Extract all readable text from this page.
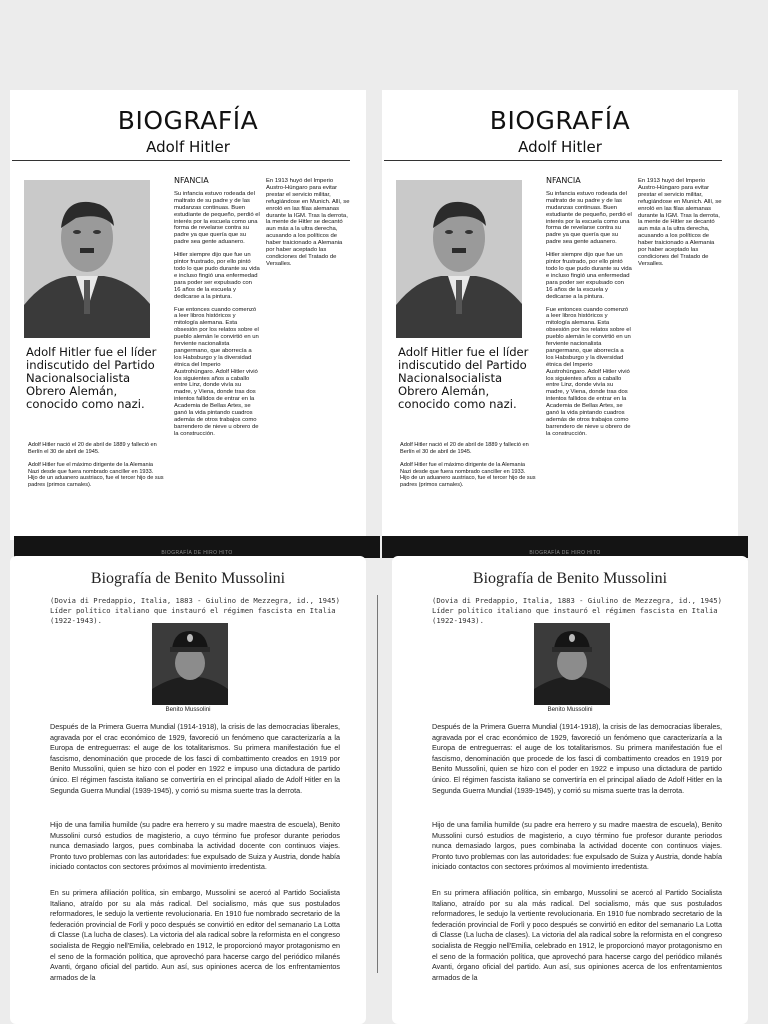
BIOGRAFÍA
Adolf Hitler
Adolf Hitler fue el líder indiscutido del Partido Nacionalsocialista Obrero Alemán, conocido como nazi.
Adolf Hitler nació el 20 de abril de 1889 y falleció en Berlín el 30 de abril de 1945.
Adolf Hitler fue el máximo dirigente de la Alemania Nazi desde que fuera nombrado canciller en 1933. Hijo de un aduanero austriaco, fue el tercer hijo de sus padres (primos carnales).
NFANCIA

Su infancia estuvo rodeada del maltrato de su padre y de las mudanzas continuas. Buen estudiante de pequeño, perdió el interés por la escuela como una forma de revelarse contra su padre ya que quería que su padre sea gente aduanero.

Hitler siempre dijo que fue un pintor frustrado, por ello pintó todo lo que pudo durante su vida e incluso fingió una enfermedad para poder ser expulsado con 16 años de la escuela y dedicarse a la pintura.

Fue entonces cuando comenzó a leer libros históricos y mitología alemana. Esta obsesión por los relatos sobre el pueblo alemán le convirtió en un ferviente nacionalista pangermano, que aborrecía a los Habsburgo y la diversidad étnica del Imperio Austrohúngaro. Adolf Hitler vivió los siguientes años a caballo entre Linz, donde vivía su madre, y Viena, donde tras dos intentos fallidos de entrar en la Academia de Bellas Artes, se ganó la vida pintando cuadros además de otros trabajos como barrendero de nieve u obrero de la construcción.

En 1913 huyó del Imperio Austro-Húngaro para evitar prestar el servicio militar, refugiándose en Munich. Allí, se enroló en las filas alemanas durante la IGM. Tras la derrota, la mente de Hitler se decantó aun más a la ultra derecha, acusando a los políticos de haber traicionado a Alemania por haber aceptado las condiciones del Tratado de Versalles.

BIOGRAFÍA
Adolf Hitler
Adolf Hitler fue el líder indiscutido del Partido Nacionalsocialista Obrero Alemán, conocido como nazi.
Adolf Hitler nació el 20 de abril de 1889 y falleció en Berlín el 30 de abril de 1945.
Adolf Hitler fue el máximo dirigente de la Alemania Nazi desde que fuera nombrado canciller en 1933. Hijo de un aduanero austriaco, fue el tercer hijo de sus padres (primos carnales).
NFANCIA

Su infancia estuvo rodeada del maltrato de su padre y de las mudanzas continuas. Buen estudiante de pequeño, perdió el interés por la escuela como una forma de revelarse contra su padre ya que quería que su padre sea gente aduanero.

Hitler siempre dijo que fue un pintor frustrado, por ello pintó todo lo que pudo durante su vida e incluso fingió una enfermedad para poder ser expulsado con 16 años de la escuela y dedicarse a la pintura.

Fue entonces cuando comenzó a leer libros históricos y mitología alemana. Esta obsesión por los relatos sobre el pueblo alemán le convirtió en un ferviente nacionalista pangermano, que aborrecía a los Habsburgo y la diversidad étnica del Imperio Austrohúngaro. Adolf Hitler vivió los siguientes años a caballo entre Linz, donde vivía su madre, y Viena, donde tras dos intentos fallidos de entrar en la Academia de Bellas Artes, se ganó la vida pintando cuadros además de otros trabajos como barrendero de nieve u obrero de la construcción.

En 1913 huyó del Imperio Austro-Húngaro para evitar prestar el servicio militar, refugiándose en Munich. Allí, se enroló en las filas alemanas durante la IGM. Tras la derrota, la mente de Hitler se decantó aun más a la ultra derecha, acusando a los políticos de haber traicionado a Alemania por haber aceptado las condiciones del Tratado de Versalles.

BIOGRAFÍA DE HIRO HITO	BIOGRAFÍA DE HIRO HITO
Biografía de Benito Mussolini
(Dovia di Predappio, Italia, 1883 - Giulino de Mezzegra, id., 1945) Líder político italiano que instauró el régimen fascista en Italia (1922-1943).
Benito Mussolini

Después de la Primera Guerra Mundial (1914-1918), la crisis de las democracias liberales, agravada por el crac económico de 1929, favoreció un fenómeno que caracterizaría a la Europa de entreguerras: el auge de los totalitarismos. Su primera manifestación fue el fascismo, denominación que procede de los fasci di combattimento creados en 1919 por Benito Mussolini, quien se hizo con el poder en 1922 e impuso una dictadura de partido único. El régimen fascista italiano se convertiría en el principal aliado de Adolf Hitler en la Segunda Guerra Mundial (1939-1945), y corrió su misma suerte tras la derrota.

Hijo de una familia humilde (su padre era herrero y su madre maestra de escuela), Benito Mussolini cursó estudios de magisterio, a cuyo término fue profesor durante periodos nunca demasiado largos, pues combinaba la actividad docente con continuos viajes. Pronto tuvo problemas con las autoridades: fue expulsado de Suiza y Austria, donde había iniciado contactos con sectores próximos al movimiento irredentista.

En su primera afiliación política, sin embargo, Mussolini se acercó al Partido Socialista Italiano, atraído por su ala más radical. Del socialismo, más que sus postulados reformadores, le sedujo la vertiente revolucionaria. En 1910 fue nombrado secretario de la federación provincial de Forlì y poco después se convirtió en editor del semanario La Lotta di Classe (La lucha de clases). La victoria del ala radical sobre la reformista en el congreso socialista de Reggio nell'Emilia, celebrado en 1912, le proporcionó mayor protagonismo en el seno de la formación política, que aprovechó para hacerse cargo del periódico milanés Avanti, órgano oficial del partido. Aun así, sus opiniones acerca de los enfrentamientos armados de la

Biografía de Benito Mussolini
(Dovia di Predappio, Italia, 1883 - Giulino de Mezzegra, id., 1945) Líder político italiano que instauró el régimen fascista en Italia (1922-1943).
Benito Mussolini

Después de la Primera Guerra Mundial (1914-1918), la crisis de las democracias liberales, agravada por el crac económico de 1929, favoreció un fenómeno que caracterizaría a la Europa de entreguerras: el auge de los totalitarismos. Su primera manifestación fue el fascismo, denominación que procede de los fasci di combattimento creados en 1919 por Benito Mussolini, quien se hizo con el poder en 1922 e impuso una dictadura de partido único. El régimen fascista italiano se convertiría en el principal aliado de Adolf Hitler en la Segunda Guerra Mundial (1939-1945), y corrió su misma suerte tras la derrota.

Hijo de una familia humilde (su padre era herrero y su madre maestra de escuela), Benito Mussolini cursó estudios de magisterio, a cuyo término fue profesor durante periodos nunca demasiado largos, pues combinaba la actividad docente con continuos viajes. Pronto tuvo problemas con las autoridades: fue expulsado de Suiza y Austria, donde había iniciado contactos con sectores próximos al movimiento irredentista.

En su primera afiliación política, sin embargo, Mussolini se acercó al Partido Socialista Italiano, atraído por su ala más radical. Del socialismo, más que sus postulados reformadores, le sedujo la vertiente revolucionaria. En 1910 fue nombrado secretario de la federación provincial de Forlì y poco después se convirtió en editor del semanario La Lotta di Classe (La lucha de clases). La victoria del ala radical sobre la reformista en el congreso socialista de Reggio nell'Emilia, celebrado en 1912, le proporcionó mayor protagonismo en el seno de la formación política, que aprovechó para hacerse cargo del periódico milanés Avanti, órgano oficial del partido. Aun así, sus opiniones acerca de los enfrentamientos armados de la
